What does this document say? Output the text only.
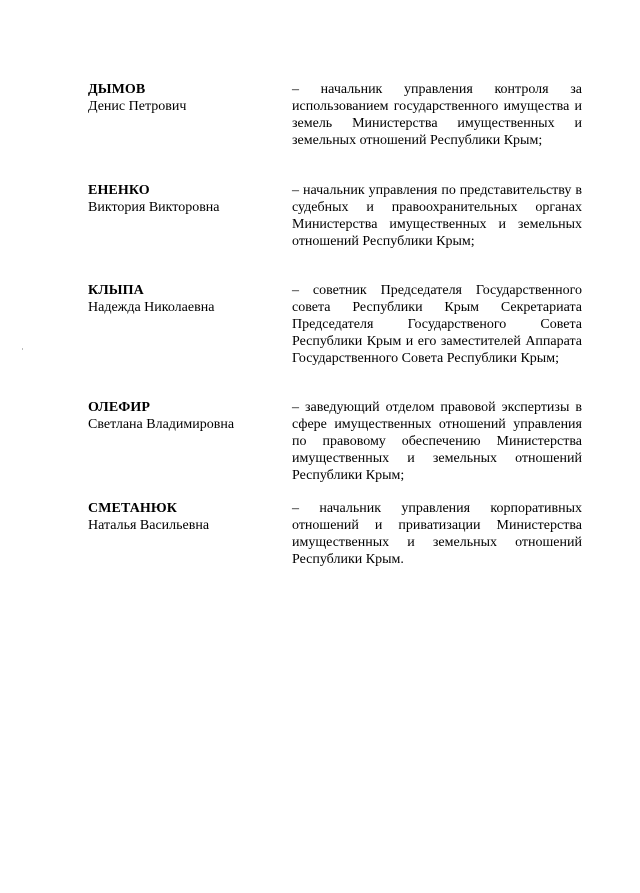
ДЫМОВ
Денис Петрович
– начальник управления контроля за использованием государственного имущества и земель Министерства имущественных и земельных отношений Республики Крым;
ЕНЕНКО
Виктория Викторовна
– начальник управления по представительству в судебных и правоохранительных органах Министерства имущественных и земельных отношений Республики Крым;
КЛЫПА
Надежда Николаевна
– советник Председателя Государственного совета Республики Крым Секретариата Председателя Государственого Совета Республики Крым и его заместителей Аппарата Государственного Совета Республики Крым;
ОЛЕФИР
Светлана Владимировна
– заведующий отделом правовой экспертизы в сфере имущественных отношений управления по правовому обеспечению Министерства имущественных и земельных отношений Республики Крым;
СМЕТАНЮК
Наталья Васильевна
– начальник управления корпоративных отношений и приватизации Министерства имущественных и земельных отношений Республики Крым.
